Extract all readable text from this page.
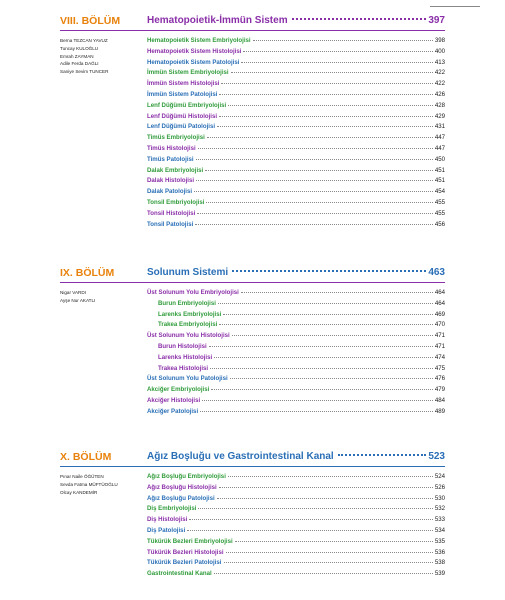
VIII. BÖLÜM	Hematopoietik-İmmün Sistem	397
Berna TEZCAN YAVUZ
Tuncay KULOĞLU
Emrah ZAYMAN
Adile Ferda DAĞLI
Saniye Sevim TUNCER
Hematopoietik Sistem Embriyolojisi	398
Hematopoietik Sistem Histolojisi	400
Hematopoietik Sistem Patolojisi	413
İmmün Sistem Embriyolojisi	422
İmmün Sistem Histolojisi	422
İmmün Sistem Patolojisi	426
Lenf Düğümü Embriyolojisi	428
Lenf Düğümü Histolojisi	429
Lenf Düğümü Patolojisi	431
Timüs Embriyolojisi	447
Timüs Histolojisi	447
Timüs Patolojisi	450
Dalak Embriyolojisi	451
Dalak Histolojisi	451
Dalak Patolojisi	454
Tonsil Embriyolojisi	455
Tonsil Histolojisi	455
Tonsil Patolojisi	456
IX. BÖLÜM	Solunum Sistemi	463
Nigar VARDI
Ayşe Nur AKATLI
Üst Solunum Yolu Embriyolojisi	464
Burun Embriyolojisi	464
Larenks Embriyolojisi	469
Trakea Embriyolojisi	470
Üst Solunum Yolu Histolojisi	471
Burun Histolojisi	471
Larenks Histolojisi	474
Trakea Histolojisi	475
Üst Solunum Yolu Patolojisi	476
Akciğer Embriyolojisi	479
Akciğer Histolojisi	484
Akciğer Patolojisi	489
X. BÖLÜM	Ağız Boşluğu ve Gastrointestinal Kanal	523
Pınar Naile ÖĞÜTEN
Sevda Fatma MÜFTÜOĞLU
Olcay KANDEMİR
Ağız Boşluğu Embriyolojisi	524
Ağız Boşluğu Histolojisi	526
Ağız Boşluğu Patolojisi	530
Diş Embriyolojisi	532
Diş Histolojisi	533
Diş Patolojisi	534
Tükürük Bezleri Embriyolojisi	535
Tükürük Bezleri Histolojisi	536
Tükürük Bezleri Patolojisi	538
Gastrointestinal Kanal	539
